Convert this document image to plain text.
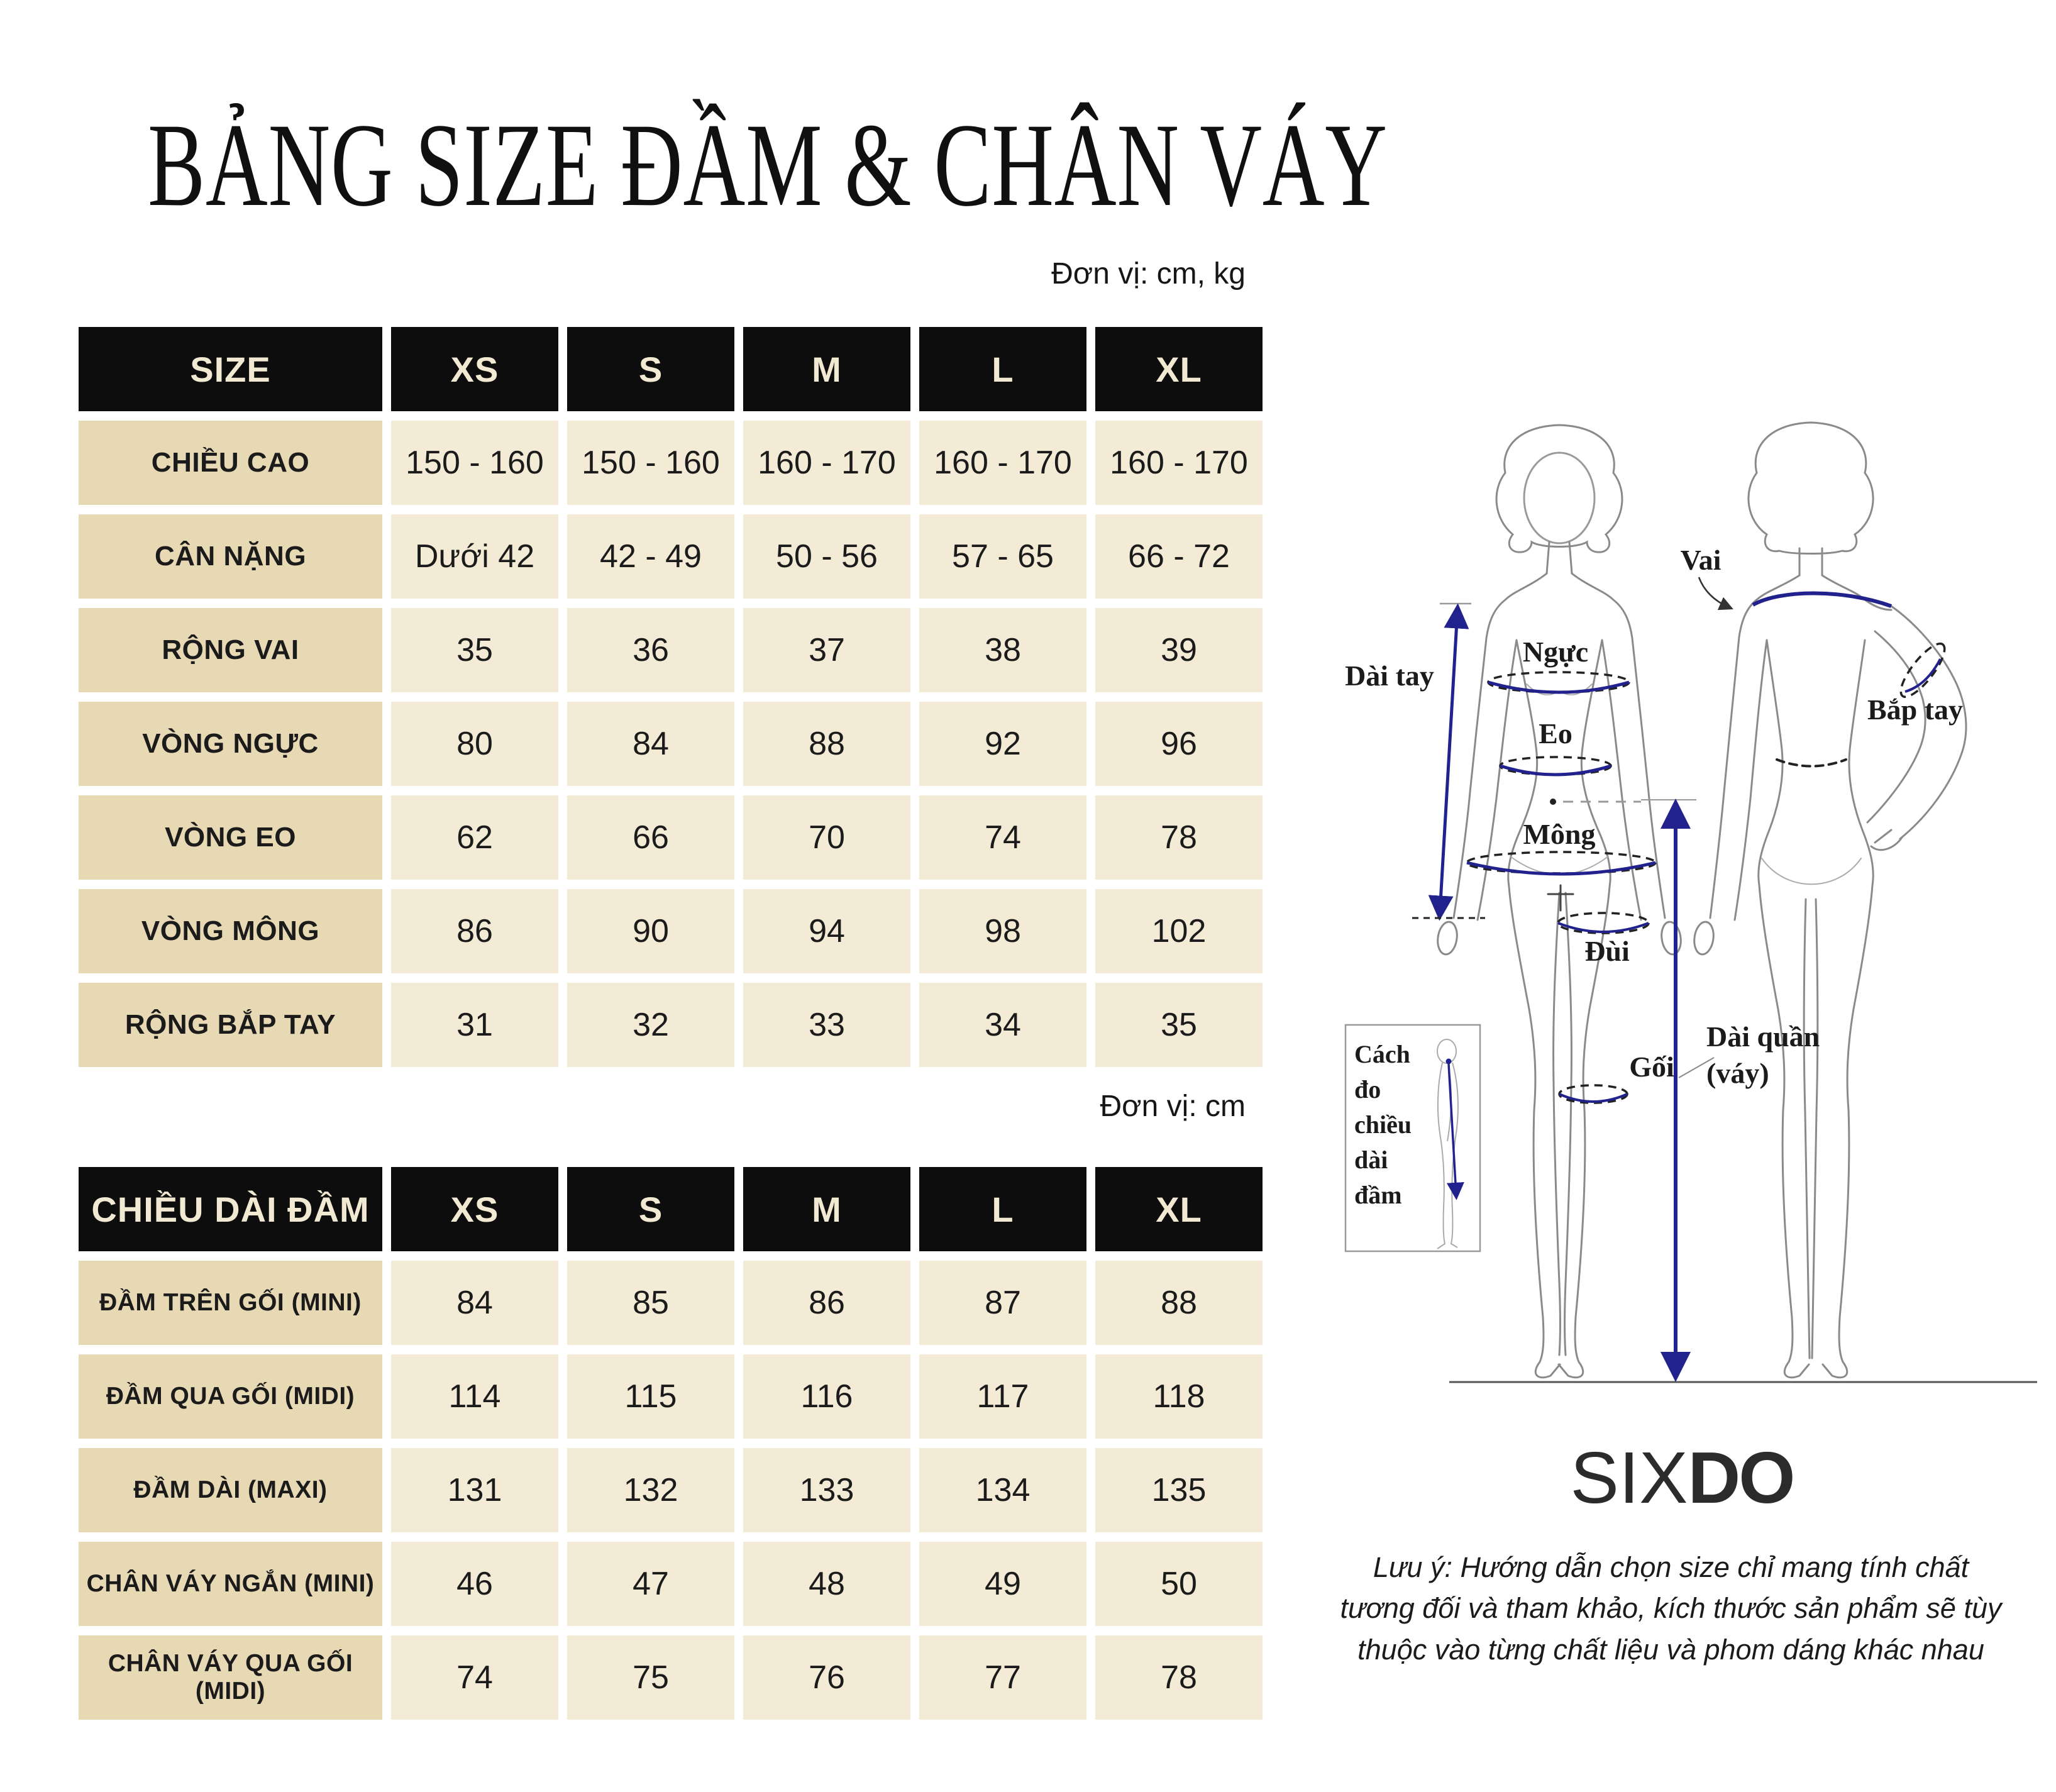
BẢNG SIZE ĐẦM & CHÂN VÁY
Đơn vị: cm, kg
Đơn vị: cm
SIZE	XS	S	M	L	XL
CHIỀU CAO	150 - 160	150 - 160	160 - 170	160 - 170	160 - 170
CÂN NẶNG	Dưới 42	42 - 49	50 - 56	57 - 65	66 - 72
RỘNG VAI	35	36	37	38	39
VÒNG NGỰC	80	84	88	92	96
VÒNG EO	62	66	70	74	78
VÒNG MÔNG	86	90	94	98	102
RỘNG BẮP TAY	31	32	33	34	35
CHIỀU DÀI ĐẦM	XS	S	M	L	XL
ĐẦM TRÊN GỐI (MINI)	84	85	86	87	88
ĐẦM QUA GỐI (MIDI)	114	115	116	117	118
ĐẦM DÀI (MAXI)	131	132	133	134	135
CHÂN VÁY NGẮN (MINI)	46	47	48	49	50
CHÂN VÁY QUA GỐI (MIDI)	74	75	76	77	78
Dài tay
Ngực
Eo
Mông
Đùi
Gối
Vai
Bắp tay
Dài quần
(váy)
Cách
đo
chiều
dài
đầm
SIXDO
Lưu ý: Hướng dẫn chọn size chỉ mang tính chất tương đối và tham khảo, kích thước sản phẩm sẽ tùy thuộc vào từng chất liệu và phom dáng khác nhau
